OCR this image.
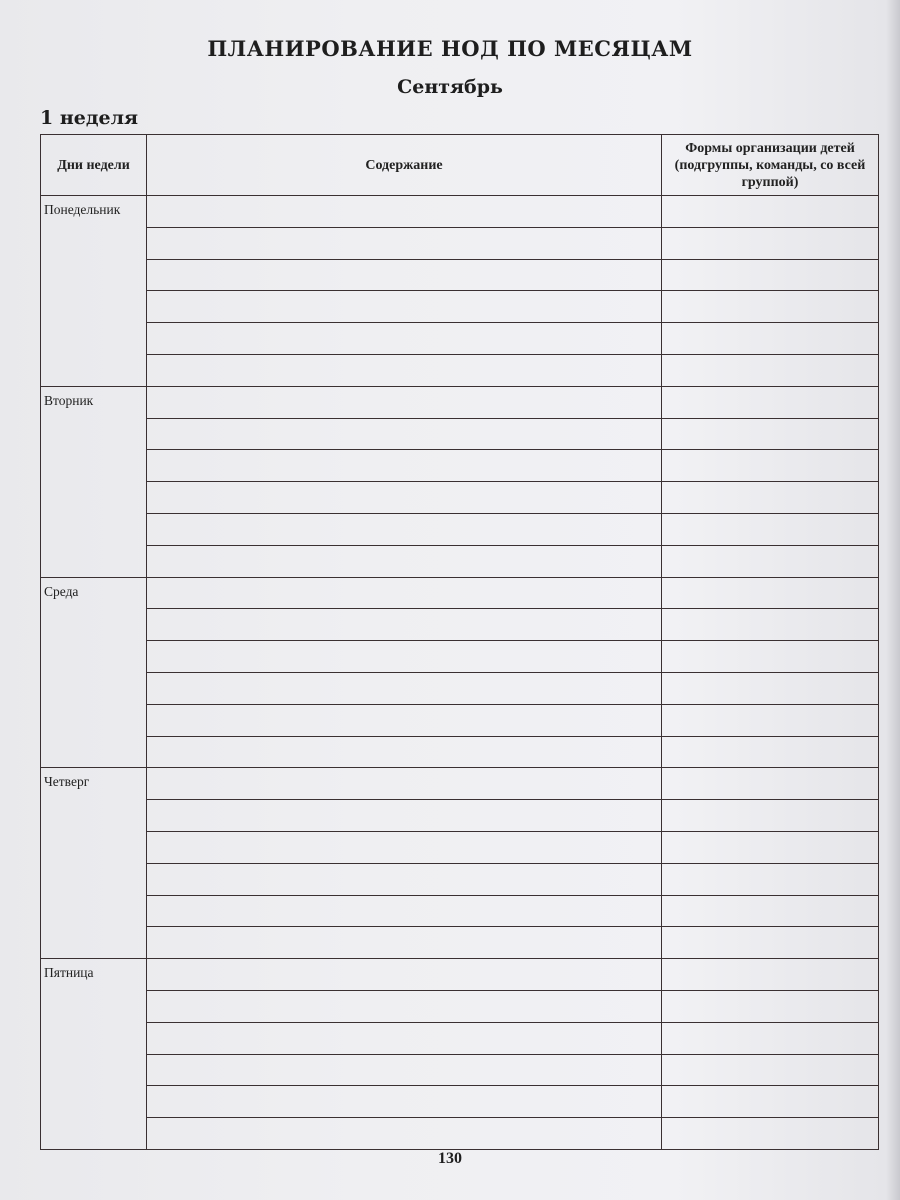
ПЛАНИРОВАНИЕ НОД ПО МЕСЯЦАМ
Сентябрь
1 неделя
Дни недели	Содержание	Формы организации детей (подгруппы, команды, со всей группой)
Понедельник		

Вторник		

Среда		

Четверг		

Пятница		

130
